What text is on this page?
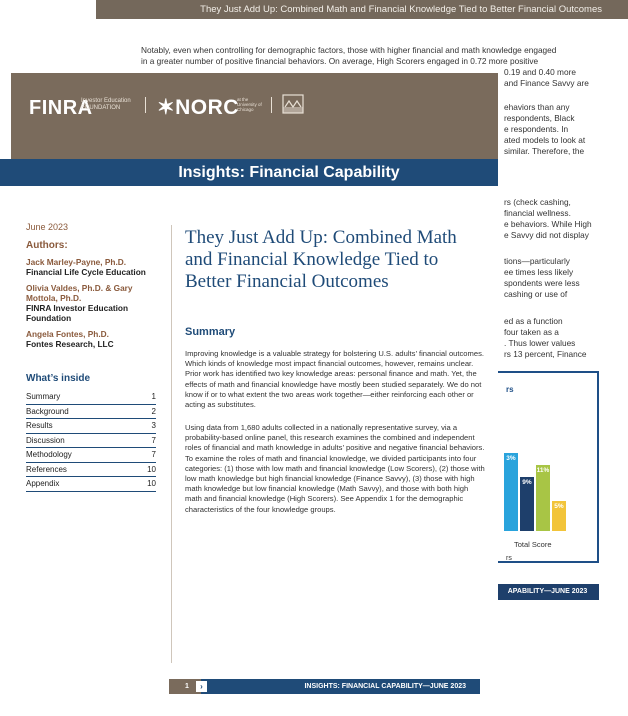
They Just Add Up: Combined Math and Financial Knowledge Tied to Better Financial Outcomes
Notably, even when controlling for demographic factors, those with higher financial and math knowledge engaged
in a greater number of positive financial behaviors. On average, High Scorers engaged in 0.72 more positive
0.19 and 0.40 more
and Finance Savvy are
ehaviors than any
respondents, Black
e respondents. In
ated models to look at
similar. Therefore, the
rs (check cashing,
financial wellness.
e behaviors. While High
e Savvy did not display
tions—particularly
ee times less likely
spondents were less
cashing or use of
ed as a function
four taken as a
. Thus lower values
rs 13 percent, Finance
rs
3%
9%
11%
5%
Total Score
rs
APABILITY—JUNE 2023
FINRA
Investor Education FOUNDATION	✶NORC
at the University of Chicago
Insights: Financial Capability
June 2023
Authors:
Jack Marley-Payne, Ph.D.
Financial Life Cycle Education
Olivia Valdes, Ph.D. & Gary Mottola, Ph.D.
FINRA Investor Education Foundation
Angela Fontes, Ph.D.
Fontes Research, LLC
What’s inside
Summary	1
Background	2
Results	3
Discussion	7
Methodology	7
References	10
Appendix	10
They Just Add Up: Combined Math and Financial Knowledge Tied to Better Financial Outcomes
Summary
Improving knowledge is a valuable strategy for bolstering U.S. adults’ financial outcomes. Which kinds of knowledge most impact financial outcomes, however, remains unclear. Prior work has identified two key knowledge areas: personal finance and math. Yet, the effects of math and financial knowledge have mostly been studied separately. We do not know if or to what extent the two areas work together—either reinforcing each other or acting as substitutes.
Using data from 1,680 adults collected in a nationally representative survey, via a probability-based online panel, this research examines the combined and independent roles of financial and math knowledge in adults’ positive and negative financial behaviors. To examine the roles of math and financial knowledge, we divided participants into four categories: (1) those with low math and financial knowledge (Low Scorers), (2) those with low math knowledge but high financial knowledge (Finance Savvy), (3) those with high math knowledge but low financial knowledge (Math Savvy), and those with both high math and financial knowledge (High Scorers). See Appendix 1 for the demographic characteristics of the four knowledge groups.
1	›	INSIGHTS: FINANCIAL CAPABILITY—JUNE 2023
